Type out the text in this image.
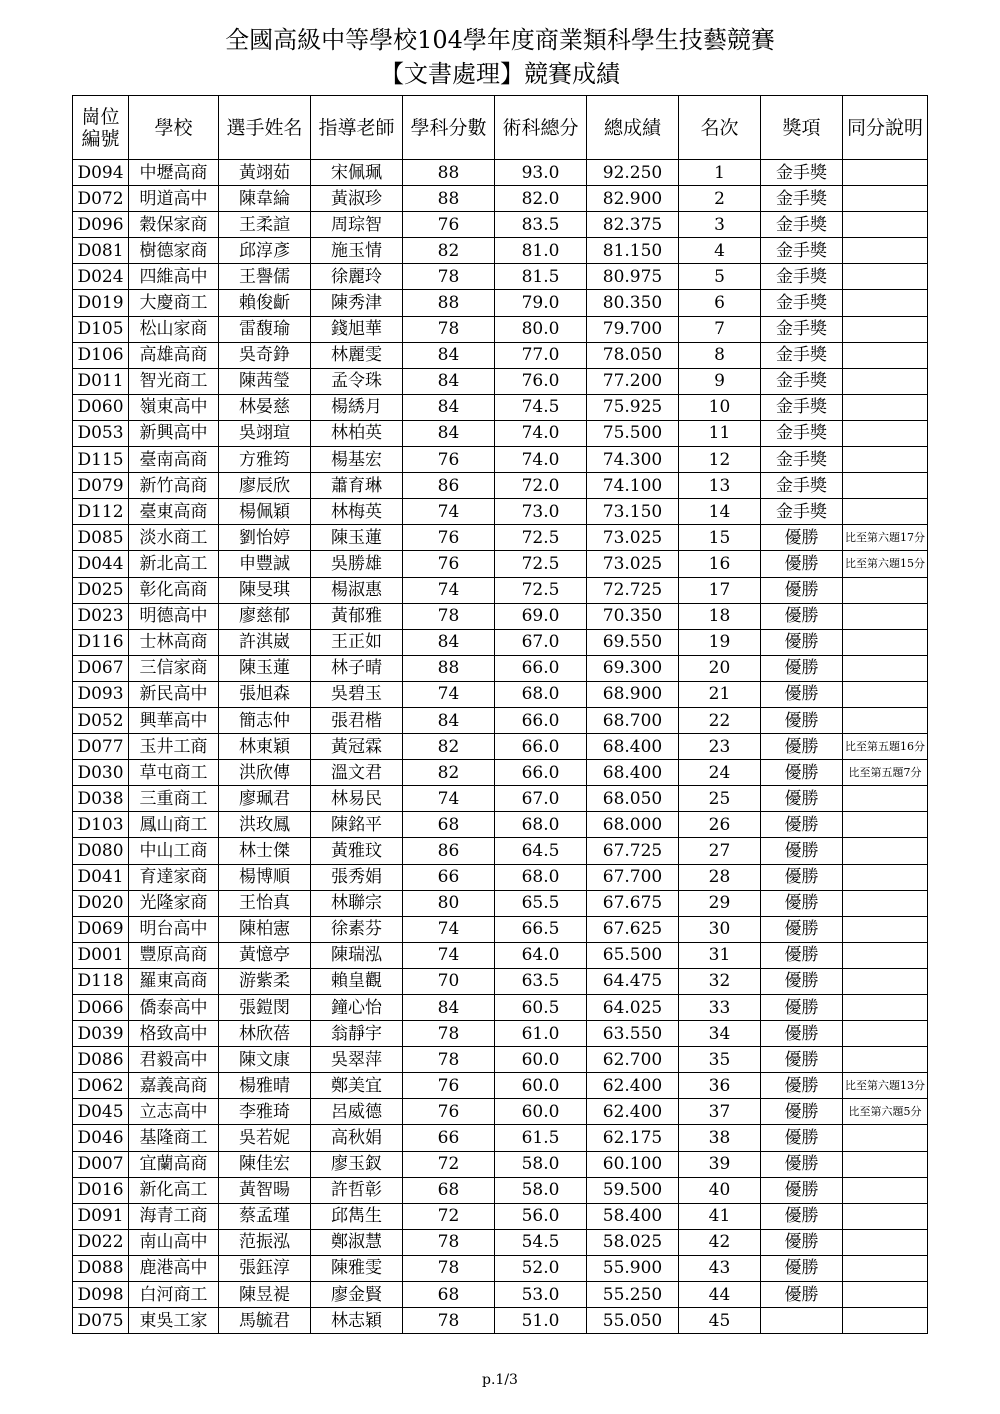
全國高級中等學校104學年度商業類科學生技藝競賽
【文書處理】競賽成績
崗位
編號	學校	選手姓名	指導老師	學科分數	術科總分	總成績	名次	獎項	同分說明
D094	中壢高商	黃翊茹	宋佩珮	88	93.0	92.250	1	金手獎	
D072	明道高中	陳韋綸	黃淑珍	88	82.0	82.900	2	金手獎	
D096	穀保家商	王柔諠	周琮智	76	83.5	82.375	3	金手獎	
D081	樹德家商	邱淳彥	施玉情	82	81.0	81.150	4	金手獎	
D024	四維高中	王譽儒	徐麗玲	78	81.5	80.975	5	金手獎	
D019	大慶商工	賴俊齗	陳秀津	88	79.0	80.350	6	金手獎	
D105	松山家商	雷馥瑜	錢旭華	78	80.0	79.700	7	金手獎	
D106	高雄高商	吳奇錚	林麗雯	84	77.0	78.050	8	金手獎	
D011	智光商工	陳茜瑩	孟令珠	84	76.0	77.200	9	金手獎	
D060	嶺東高中	林晏慈	楊綉月	84	74.5	75.925	10	金手獎	
D053	新興高中	吳翊瑄	林柏英	84	74.0	75.500	11	金手獎	
D115	臺南高商	方雅筠	楊基宏	76	74.0	74.300	12	金手獎	
D079	新竹高商	廖辰欣	蕭育琳	86	72.0	74.100	13	金手獎	
D112	臺東高商	楊佩穎	林梅英	74	73.0	73.150	14	金手獎	
D085	淡水商工	劉怡婷	陳玉蓮	76	72.5	73.025	15	優勝	比至第六題17分
D044	新北高工	申豐誠	吳勝雄	76	72.5	73.025	16	優勝	比至第六題15分
D025	彰化高商	陳旻琪	楊淑惠	74	72.5	72.725	17	優勝	
D023	明德高中	廖慈郁	黃郁雅	78	69.0	70.350	18	優勝	
D116	士林高商	許淇崴	王正如	84	67.0	69.550	19	優勝	
D067	三信家商	陳玉蓮	林子晴	88	66.0	69.300	20	優勝	
D093	新民高中	張旭森	吳碧玉	74	68.0	68.900	21	優勝	
D052	興華高中	簡志仲	張君楷	84	66.0	68.700	22	優勝	
D077	玉井工商	林東穎	黃冠霖	82	66.0	68.400	23	優勝	比至第五題16分
D030	草屯商工	洪欣傳	溫文君	82	66.0	68.400	24	優勝	比至第五題7分
D038	三重商工	廖珮君	林易民	74	67.0	68.050	25	優勝	
D103	鳳山商工	洪玫鳳	陳銘平	68	68.0	68.000	26	優勝	
D080	中山工商	林士傑	黃雅玟	86	64.5	67.725	27	優勝	
D041	育達家商	楊博順	張秀娟	66	68.0	67.700	28	優勝	
D020	光隆家商	王怡真	林聯宗	80	65.5	67.675	29	優勝	
D069	明台高中	陳柏憲	徐素芬	74	66.5	67.625	30	優勝	
D001	豐原高商	黃憶亭	陳瑞泓	74	64.0	65.500	31	優勝	
D118	羅東高商	游紫柔	賴皇觀	70	63.5	64.475	32	優勝	
D066	僑泰高中	張鎧閔	鐘心怡	84	60.5	64.025	33	優勝	
D039	格致高中	林欣蓓	翁靜宇	78	61.0	63.550	34	優勝	
D086	君毅高中	陳文康	吳翠萍	78	60.0	62.700	35	優勝	
D062	嘉義高商	楊雅晴	鄭美宜	76	60.0	62.400	36	優勝	比至第六題13分
D045	立志高中	李雅琦	呂威德	76	60.0	62.400	37	優勝	比至第六題5分
D046	基隆商工	吳若妮	高秋娟	66	61.5	62.175	38	優勝	
D007	宜蘭高商	陳佳宏	廖玉釵	72	58.0	60.100	39	優勝	
D016	新化高工	黃智暘	許哲彰	68	58.0	59.500	40	優勝	
D091	海青工商	蔡孟瑾	邱雋生	72	56.0	58.400	41	優勝	
D022	南山高中	范振泓	鄭淑慧	78	54.5	58.025	42	優勝	
D088	鹿港高中	張鈺淳	陳雅雯	78	52.0	55.900	43	優勝	
D098	白河商工	陳昱褆	廖金賢	68	53.0	55.250	44	優勝	
D075	東吳工家	馬毓君	林志穎	78	51.0	55.050	45		
p.1/3
